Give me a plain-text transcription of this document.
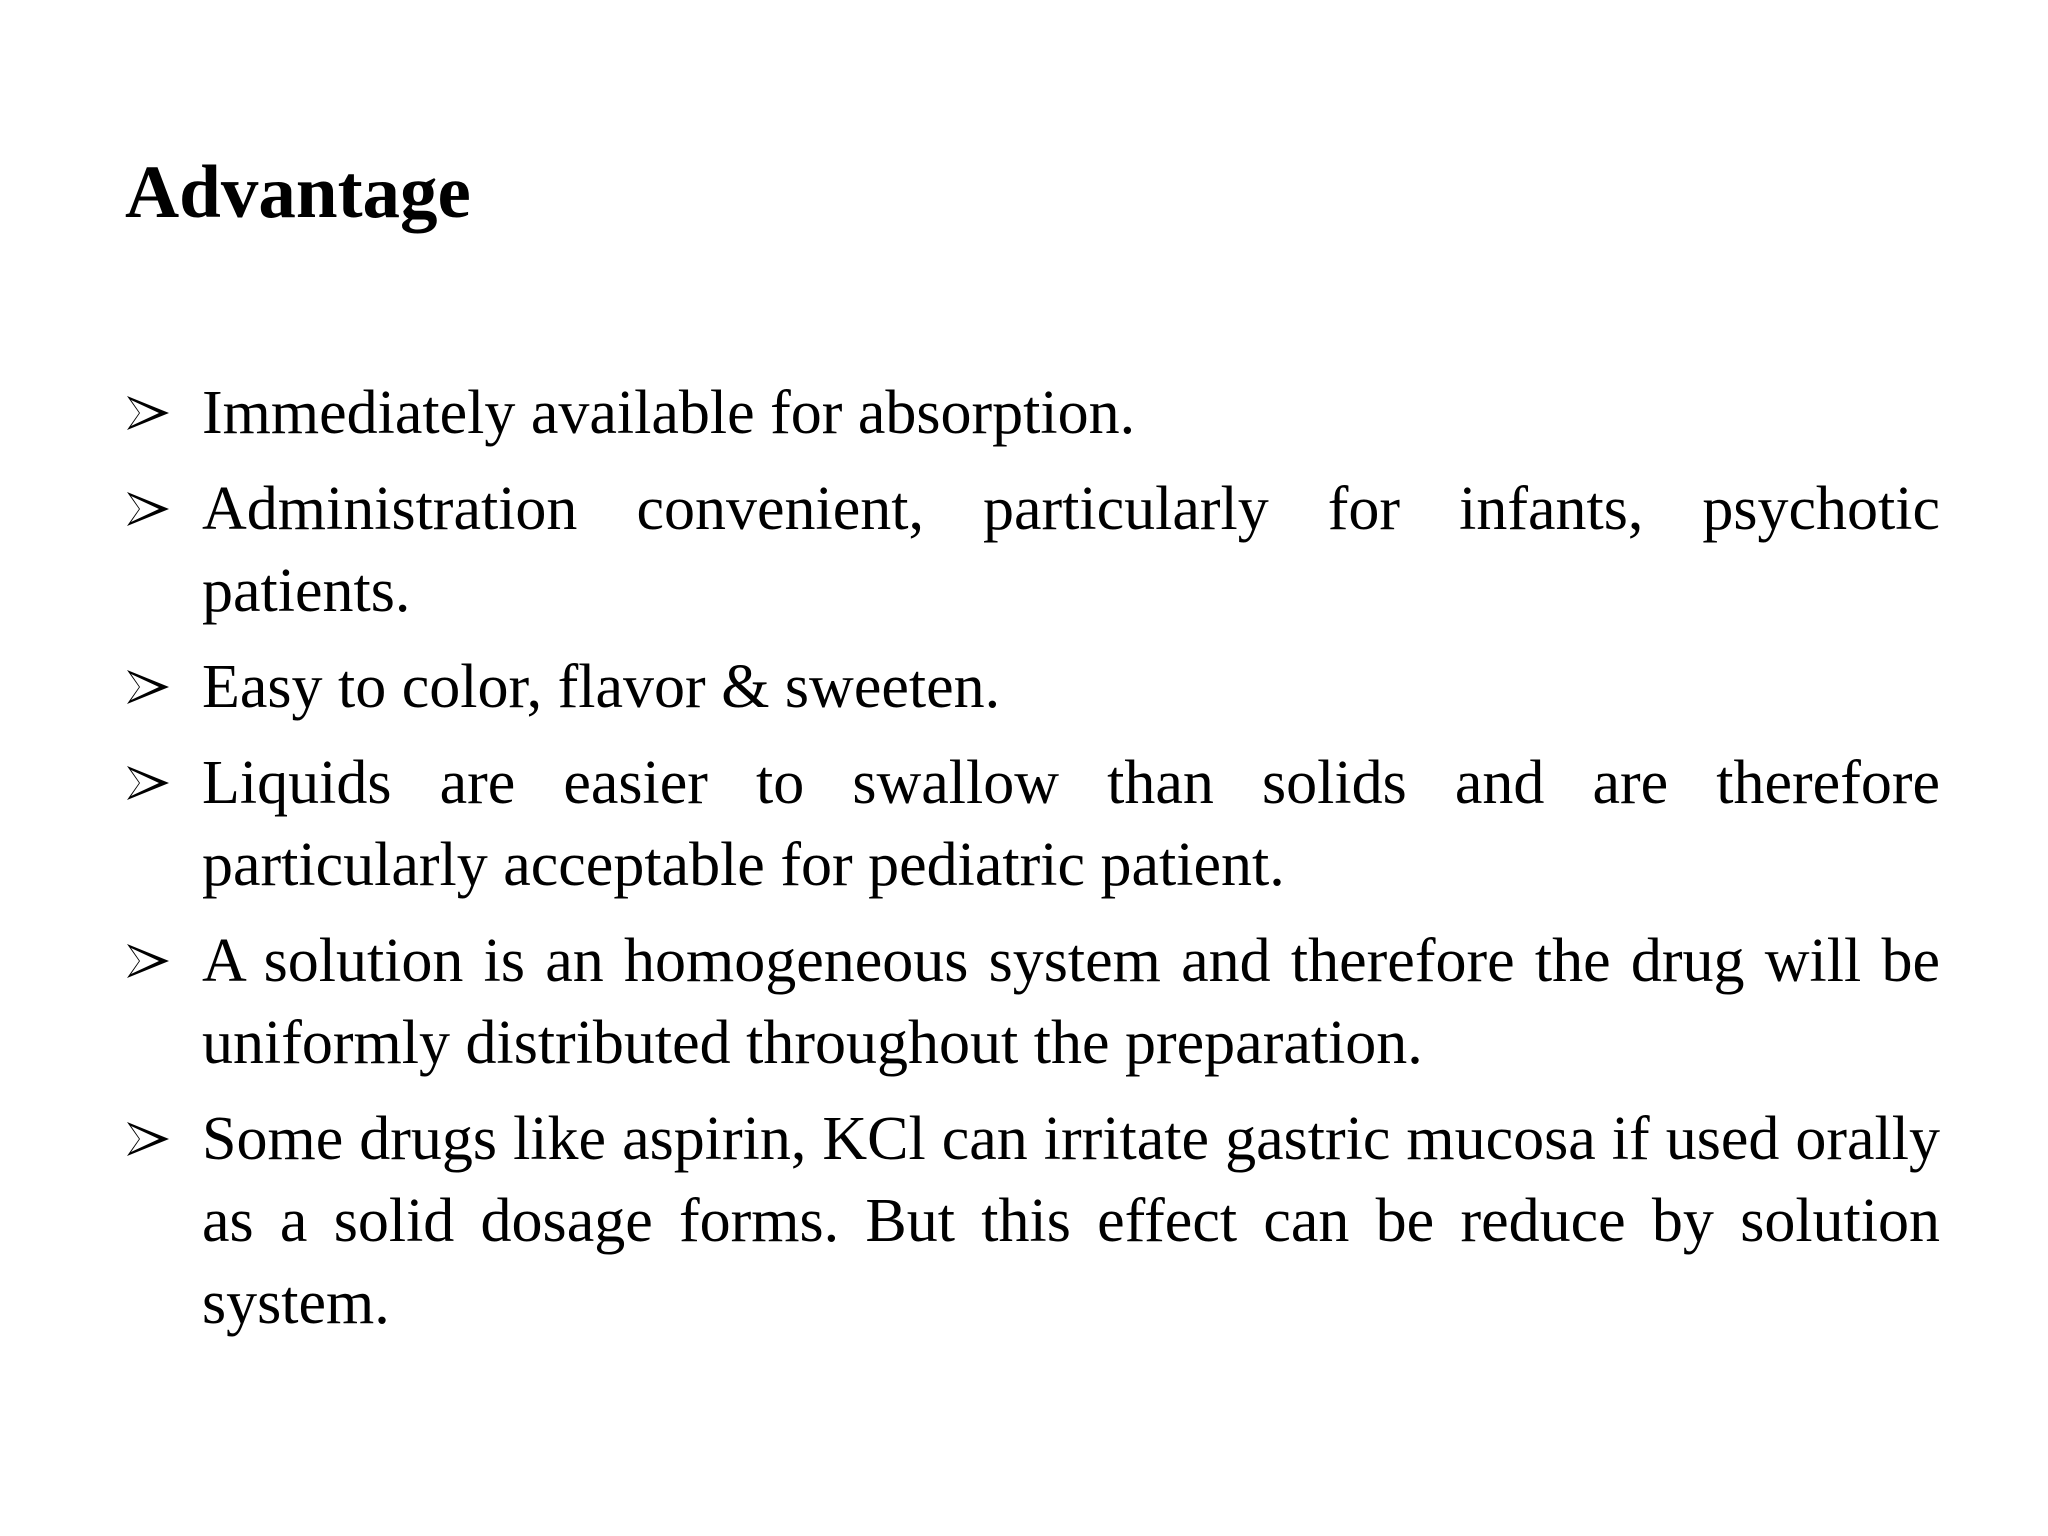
Advantage
Immediately available for absorption.
Administration convenient, particularly for infants, psychotic patients.
Easy to color, flavor & sweeten.
Liquids are easier to swallow than solids and are therefore particularly acceptable for pediatric patient.
A solution is an homogeneous system and therefore the drug will be uniformly distributed throughout the preparation.
Some drugs like aspirin, KCl can irritate gastric mucosa if used orally as a solid dosage forms. But this effect can be reduce by solution system.
